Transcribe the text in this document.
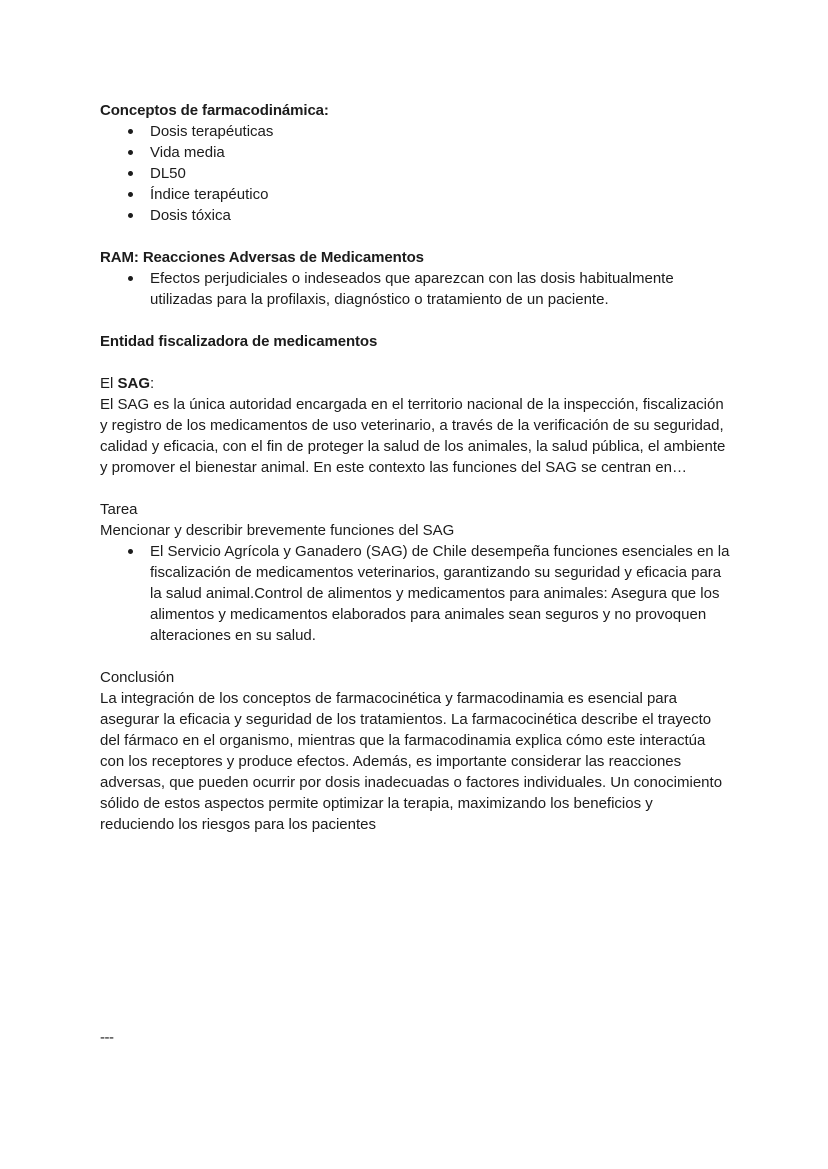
Conceptos de farmacodinámica:
Dosis terapéuticas
Vida media
DL50
Índice terapéutico
Dosis tóxica
RAM: Reacciones Adversas de Medicamentos
Efectos perjudiciales o indeseados que aparezcan con las dosis habitualmente utilizadas para la profilaxis, diagnóstico o tratamiento de un paciente.
Entidad fiscalizadora de medicamentos

El SAG:

El SAG es la única autoridad encargada en el territorio nacional de la inspección, fiscalización y registro de los medicamentos de uso veterinario, a través de la verificación de su seguridad, calidad y eficacia, con el fin de proteger la salud de los animales, la salud pública, el ambiente y promover el bienestar animal. En este contexto las funciones del SAG se centran en…

Tarea

Mencionar y describir brevemente funciones del SAG

El Servicio Agrícola y Ganadero (SAG) de Chile desempeña funciones esenciales en la fiscalización de medicamentos veterinarios, garantizando su seguridad y eficacia para la salud animal.Control de alimentos y medicamentos para animales: Asegura que los alimentos y medicamentos elaborados para animales sean seguros y no provoquen alteraciones en su salud.

Conclusión

La integración de los conceptos de farmacocinética y farmacodinamia es esencial para asegurar la eficacia y seguridad de los tratamientos. La farmacocinética describe el trayecto del fármaco en el organismo, mientras que la farmacodinamia explica cómo este interactúa con los receptores y produce efectos. Además, es importante considerar las reacciones adversas, que pueden ocurrir por dosis inadecuadas o factores individuales. Un conocimiento sólido de estos aspectos permite optimizar la terapia, maximizando los beneficios y reduciendo los riesgos para los pacientes

---
